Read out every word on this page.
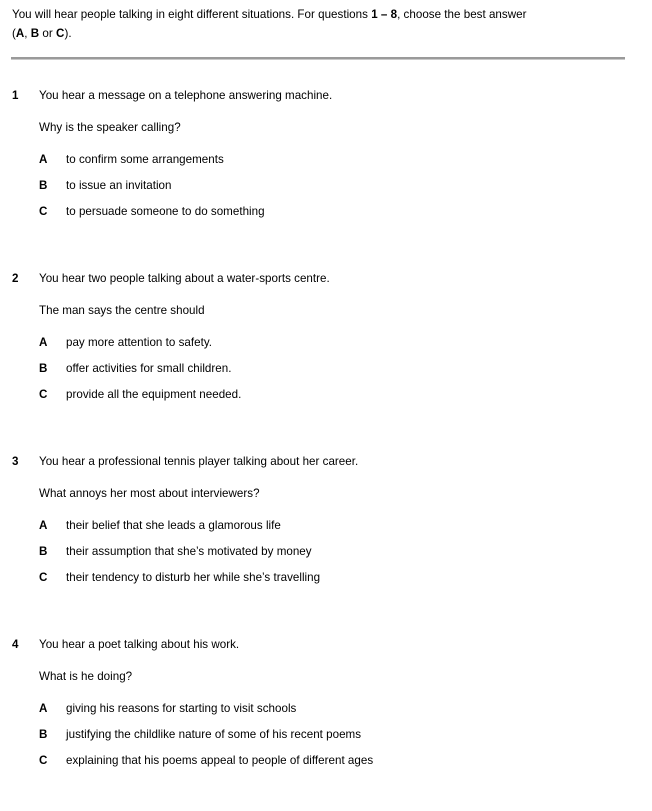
You will hear people talking in eight different situations. For questions 1 – 8, choose the best answer
(A, B or C).
1 You hear a message on a telephone answering machine.
Why is the speaker calling?
A to confirm some arrangements
B to issue an invitation
C to persuade someone to do something
2 You hear two people talking about a water-sports centre.
The man says the centre should
A pay more attention to safety.
B offer activities for small children.
C provide all the equipment needed.
3 You hear a professional tennis player talking about her career.
What annoys her most about interviewers?
A their belief that she leads a glamorous life
B their assumption that she’s motivated by money
C their tendency to disturb her while she’s travelling
4 You hear a poet talking about his work.
What is he doing?
A giving his reasons for starting to visit schools
B justifying the childlike nature of some of his recent poems
C explaining that his poems appeal to people of different ages
